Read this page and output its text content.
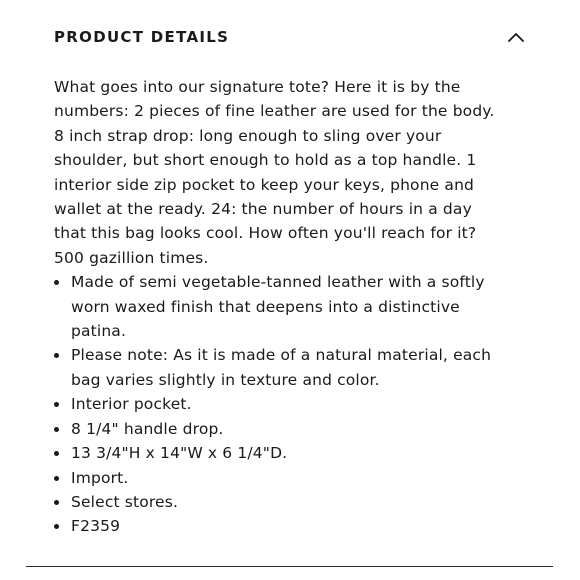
PRODUCT DETAILS

What goes into our signature tote? Here it is by the numbers: 2 pieces of fine leather are used for the body. 8 inch strap drop: long enough to sling over your shoulder, but short enough to hold as a top handle. 1 interior side zip pocket to keep your keys, phone and wallet at the ready. 24: the number of hours in a day that this bag looks cool. How often you'll reach for it? 500 gazillion times.

Made of semi vegetable-tanned leather with a softly worn waxed finish that deepens into a distinctive patina.
Please note: As it is made of a natural material, each bag varies slightly in texture and color.
Interior pocket.
8 1/4" handle drop.
13 3/4"H x 14"W x 6 1/4"D.
Import.
Select stores.
F2359
